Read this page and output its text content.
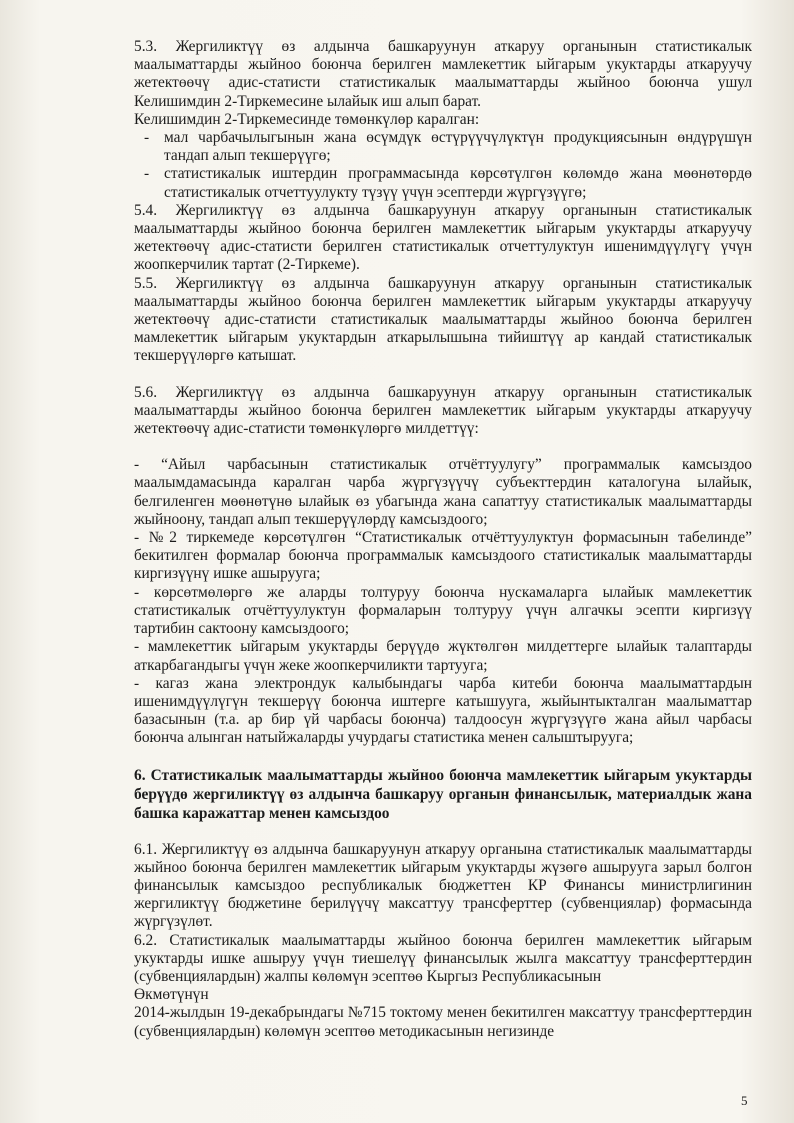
5.3. Жергиликтүү өз алдынча башкаруунун аткаруу органынын статистикалык маалыматтарды жыйноо боюнча берилген мамлекеттик ыйгарым укуктарды аткаруучу жетектөөчү адис-статисти статистикалык маалыматтарды жыйноо боюнча ушул Келишимдин 2-Тиркемесине ылайык иш алып барат.

Келишимдин 2-Тиркемесинде төмөнкүлөр каралган:

- мал чарбачылыгынын жана өсүмдүк өстүрүүчүлүктүн продукциясынын өндүрүшүн тандап алып текшерүүгө;
- статистикалык иштердин программасында көрсөтүлгөн көлөмдө жана мөөнөтөрдө статистикалык отчеттуулукту түзүү үчүн эсептерди жүргүзүүгө;

5.4. Жергиликтүү өз алдынча башкаруунун аткаруу органынын статистикалык маалыматтарды жыйноо боюнча берилген мамлекеттик ыйгарым укуктарды аткаруучу жетектөөчү адис-статисти берилген статистикалык отчеттулуктун ишенимдүүлүгү үчүн жоопкерчилик тартат (2-Тиркеме).

5.5. Жергиликтүү өз алдынча башкаруунун аткаруу органынын статистикалык маалыматтарды жыйноо боюнча берилген мамлекеттик ыйгарым укуктарды аткаруучу жетектөөчү адис-статисти статистикалык маалыматтарды жыйноо боюнча берилген мамлекеттик ыйгарым укуктардын аткарылышына тийиштүү ар кандай статистикалык текшерүүлөргө катышат.

5.6. Жергиликтүү өз алдынча башкаруунун аткаруу органынын статистикалык маалыматтарды жыйноо боюнча берилген мамлекеттик ыйгарым укуктарды аткаруучу жетектөөчү адис-статисти төмөнкүлөргө милдеттүү:

- “Айыл чарбасынын статистикалык отчёттуулугу” программалык камсыздоо маалымдамасында каралган чарба жүргүзүүчү субъекттердин каталогуна ылайык, белгиленген мөөнөтүнө ылайык өз убагында жана сапаттуу статистикалык маалыматтарды жыйноону, тандап алып текшерүүлөрдү камсыздоого;

- №2 тиркемеде көрсөтүлгөн “Статистикалык отчёттуулуктун формасынын табелинде” бекитилген формалар боюнча программалык камсыздоого статистикалык маалыматтарды киргизүүнү ишке ашырууга;

- көрсөтмөлөргө же аларды толтуруу боюнча нускамаларга ылайык мамлекеттик статистикалык отчёттуулуктун формаларын толтуруу үчүн алгачкы эсепти киргизүү тартибин сактоону камсыздоого;

- мамлекеттик ыйгарым укуктарды берүүдө жүктөлгөн милдеттерге ылайык талаптарды аткарбагандыгы үчүн жеке жоопкерчиликти тартууга;

- кагаз жана электрондук калыбындагы чарба китеби боюнча маалыматтардын ишенимдүүлүгүн текшерүү боюнча иштерге катышууга, жыйынтыкталган маалыматтар базасынын (т.а. ар бир үй чарбасы боюнча) талдоосун жүргүзүүгө жана айыл чарбасы боюнча алынган натыйжаларды учурдагы статистика менен салыштырууга;

6. Статистикалык маалыматтарды жыйноо боюнча мамлекеттик ыйгарым укуктарды берүүдө жергиликтүү өз алдынча башкаруу органын финансылык, материалдык жана башка каражаттар менен камсыздоо

6.1. Жергиликтүү өз алдынча башкаруунун аткаруу органына статистикалык маалыматтарды жыйноо боюнча берилген мамлекеттик ыйгарым укуктарды жүзөгө ашырууга зарыл болгон финансылык камсыздоо республикалык бюджеттен КР Финансы министрлигинин жергиликтүү бюджетине берилүүчү максаттуу трансферттер (субвенциялар) формасында жүргүзүлөт.

6.2. Статистикалык маалыматтарды жыйноо боюнча берилген мамлекеттик ыйгарым укуктарды ишке ашыруу үчүн тиешелүү финансылык жылга максаттуу трансферттердин (субвенциялардын) жалпы көлөмүн эсептөө Кыргыз Республикасынын

Өкмөтүнүн

2014-жылдын 19-декабрындагы №715 токтому менен бекитилген максаттуу трансферттердин (субвенциялардын) көлөмүн эсептөө методикасынын негизинде

5
